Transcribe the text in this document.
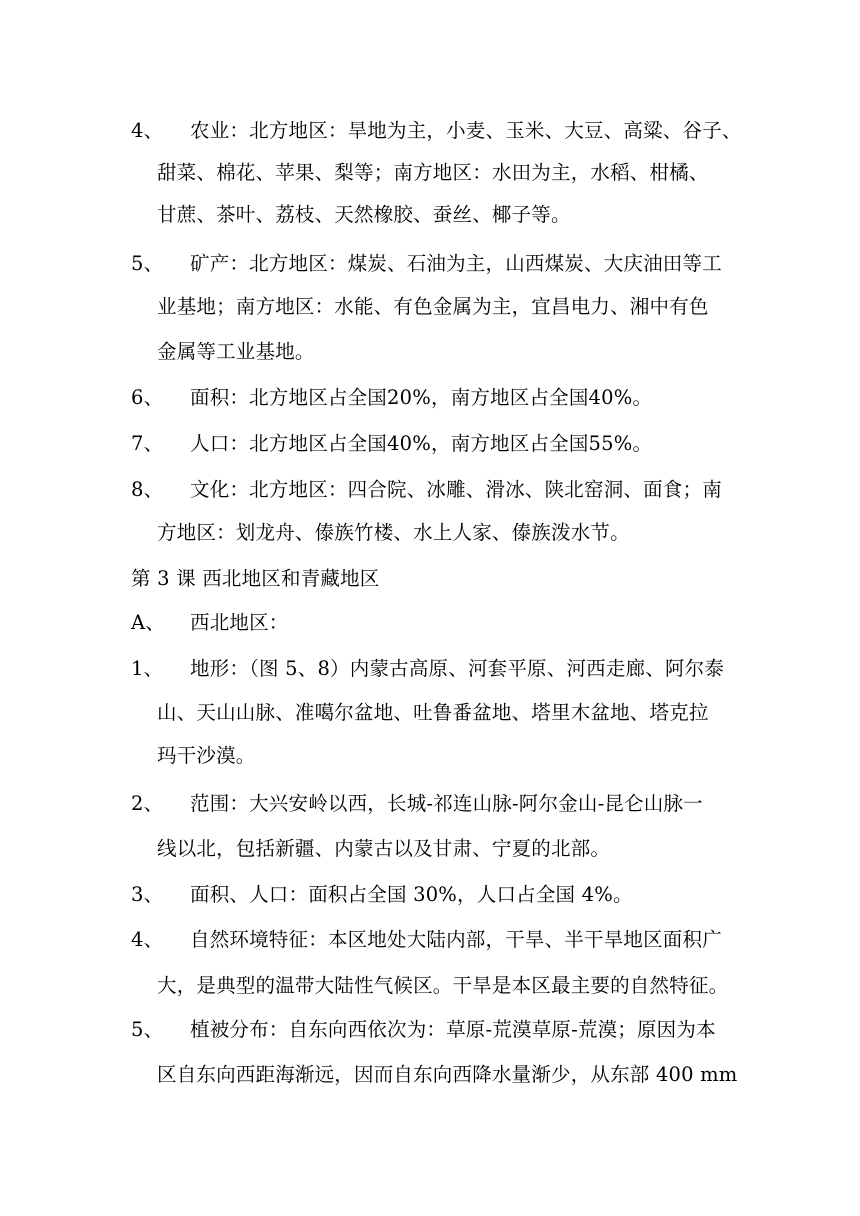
4、 农业：北方地区：旱地为主，小麦、玉米、大豆、高粱、谷子、
甜菜、棉花、苹果、梨等；南方地区：水田为主，水稻、柑橘、
甘蔗、茶叶、荔枝、天然橡胶、蚕丝、椰子等。
5、 矿产：北方地区：煤炭、石油为主，山西煤炭、大庆油田等工
业基地；南方地区：水能、有色金属为主，宜昌电力、湘中有色
金属等工业基地。
6、 面积：北方地区占全国20%，南方地区占全国40%。
7、 人口：北方地区占全国40%，南方地区占全国55%。
8、 文化：北方地区：四合院、冰雕、滑冰、陕北窑洞、面食；南
方地区：划龙舟、傣族竹楼、水上人家、傣族泼水节。
第 3 课 西北地区和青藏地区
A、 西北地区：
1、 地形：（图 5、8）内蒙古高原、河套平原、河西走廊、阿尔泰
山、天山山脉、准噶尔盆地、吐鲁番盆地、塔里木盆地、塔克拉
玛干沙漠。
2、 范围：大兴安岭以西，长城-祁连山脉-阿尔金山-昆仑山脉一
线以北，包括新疆、内蒙古以及甘肃、宁夏的北部。
3、 面积、人口：面积占全国 30%，人口占全国 4%。
4、 自然环境特征：本区地处大陆内部，干旱、半干旱地区面积广
大，是典型的温带大陆性气候区。干旱是本区最主要的自然特征。
5、 植被分布：自东向西依次为：草原-荒漠草原-荒漠；原因为本
区自东向西距海渐远，因而自东向西降水量渐少，从东部 400 mm
